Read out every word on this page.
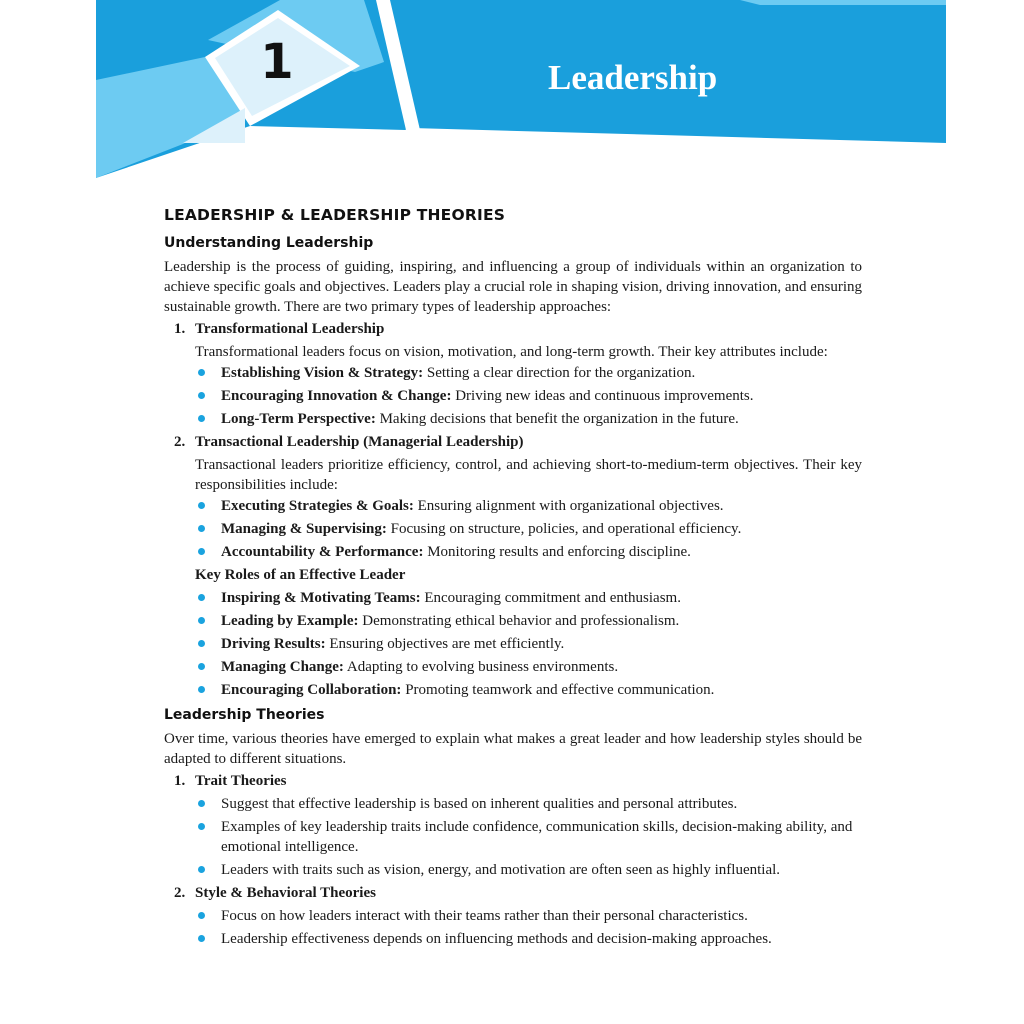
1	Leadership
LEADERSHIP & LEADERSHIP THEORIES
Understanding Leadership
Leadership is the process of guiding, inspiring, and influencing a group of individuals within an organization to achieve specific goals and objectives. Leaders play a crucial role in shaping vision, driving innovation, and ensuring sustainable growth. There are two primary types of leadership approaches:
1. Transformational Leadership
Transformational leaders focus on vision, motivation, and long-term growth. Their key attributes include:
Establishing Vision & Strategy: Setting a clear direction for the organization.
Encouraging Innovation & Change: Driving new ideas and continuous improvements.
Long-Term Perspective: Making decisions that benefit the organization in the future.
2. Transactional Leadership (Managerial Leadership)
Transactional leaders prioritize efficiency, control, and achieving short-to-medium-term objectives. Their key responsibilities include:
Executing Strategies & Goals: Ensuring alignment with organizational objectives.
Managing & Supervising: Focusing on structure, policies, and operational efficiency.
Accountability & Performance: Monitoring results and enforcing discipline.
Key Roles of an Effective Leader
Inspiring & Motivating Teams: Encouraging commitment and enthusiasm.
Leading by Example: Demonstrating ethical behavior and professionalism.
Driving Results: Ensuring objectives are met efficiently.
Managing Change: Adapting to evolving business environments.
Encouraging Collaboration: Promoting teamwork and effective communication.
Leadership Theories
Over time, various theories have emerged to explain what makes a great leader and how leadership styles should be adapted to different situations.
1. Trait Theories
Suggest that effective leadership is based on inherent qualities and personal attributes.
Examples of key leadership traits include confidence, communication skills, decision-making ability, and emotional intelligence.
Leaders with traits such as vision, energy, and motivation are often seen as highly influential.
2. Style & Behavioral Theories
Focus on how leaders interact with their teams rather than their personal characteristics.
Leadership effectiveness depends on influencing methods and decision-making approaches.
